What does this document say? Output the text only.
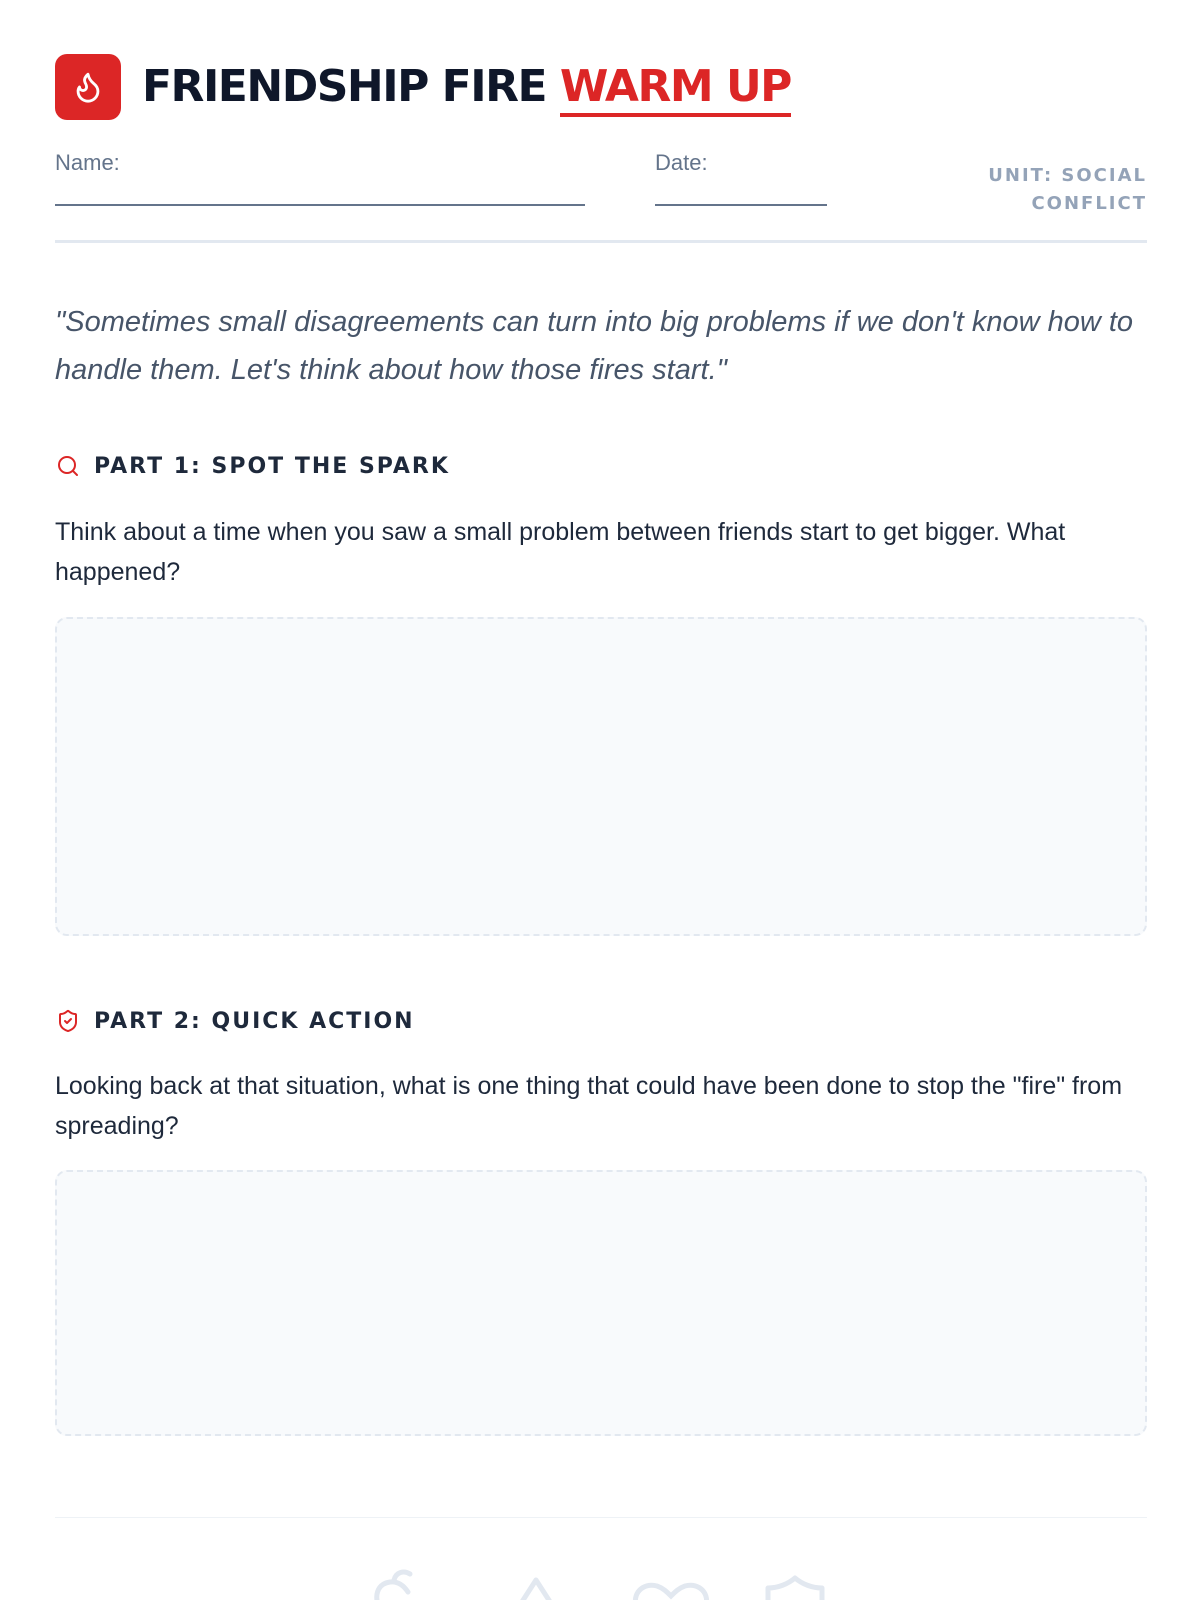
FRIENDSHIP FIRE WARM UP
Name:	Date:
UNIT: SOCIAL
CONFLICT
"Sometimes small disagreements can turn into big problems if we don't know how to handle them. Let's think about how those fires start."
PART 1: SPOT THE SPARK
Think about a time when you saw a small problem between friends start to get bigger. What happened?
PART 2: QUICK ACTION
Looking back at that situation, what is one thing that could have been done to stop the "fire" from spreading?
